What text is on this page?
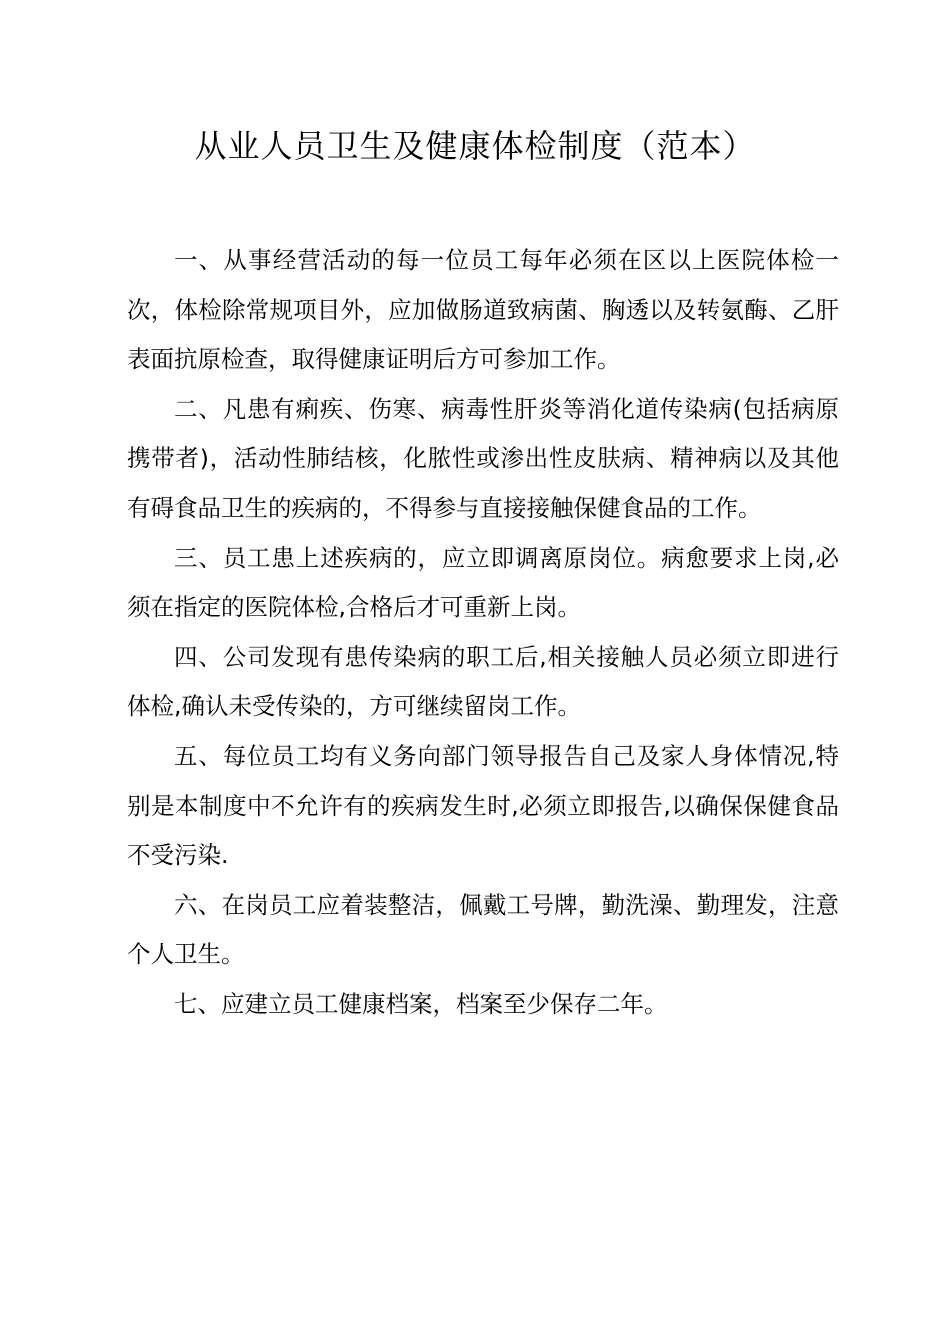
从业人员卫生及健康体检制度（范本）

一、从事经营活动的每一位员工每年必须在区以上医院体检一次，体检除常规项目外，应加做肠道致病菌、胸透以及转氨酶、乙肝表面抗原检查，取得健康证明后方可参加工作。

二、凡患有痢疾、伤寒、病毒性肝炎等消化道传染病(包括病原携带者)，活动性肺结核，化脓性或渗出性皮肤病、精神病以及其他有碍食品卫生的疾病的，不得参与直接接触保健食品的工作。

三、员工患上述疾病的，应立即调离原岗位。病愈要求上岗,必须在指定的医院体检,合格后才可重新上岗。

四、公司发现有患传染病的职工后,相关接触人员必须立即进行体检,确认未受传染的，方可继续留岗工作。

五、每位员工均有义务向部门领导报告自己及家人身体情况,特别是本制度中不允许有的疾病发生时,必须立即报告,以确保保健食品不受污染.

六、在岗员工应着装整洁，佩戴工号牌，勤洗澡、勤理发，注意个人卫生。

七、应建立员工健康档案，档案至少保存二年。
